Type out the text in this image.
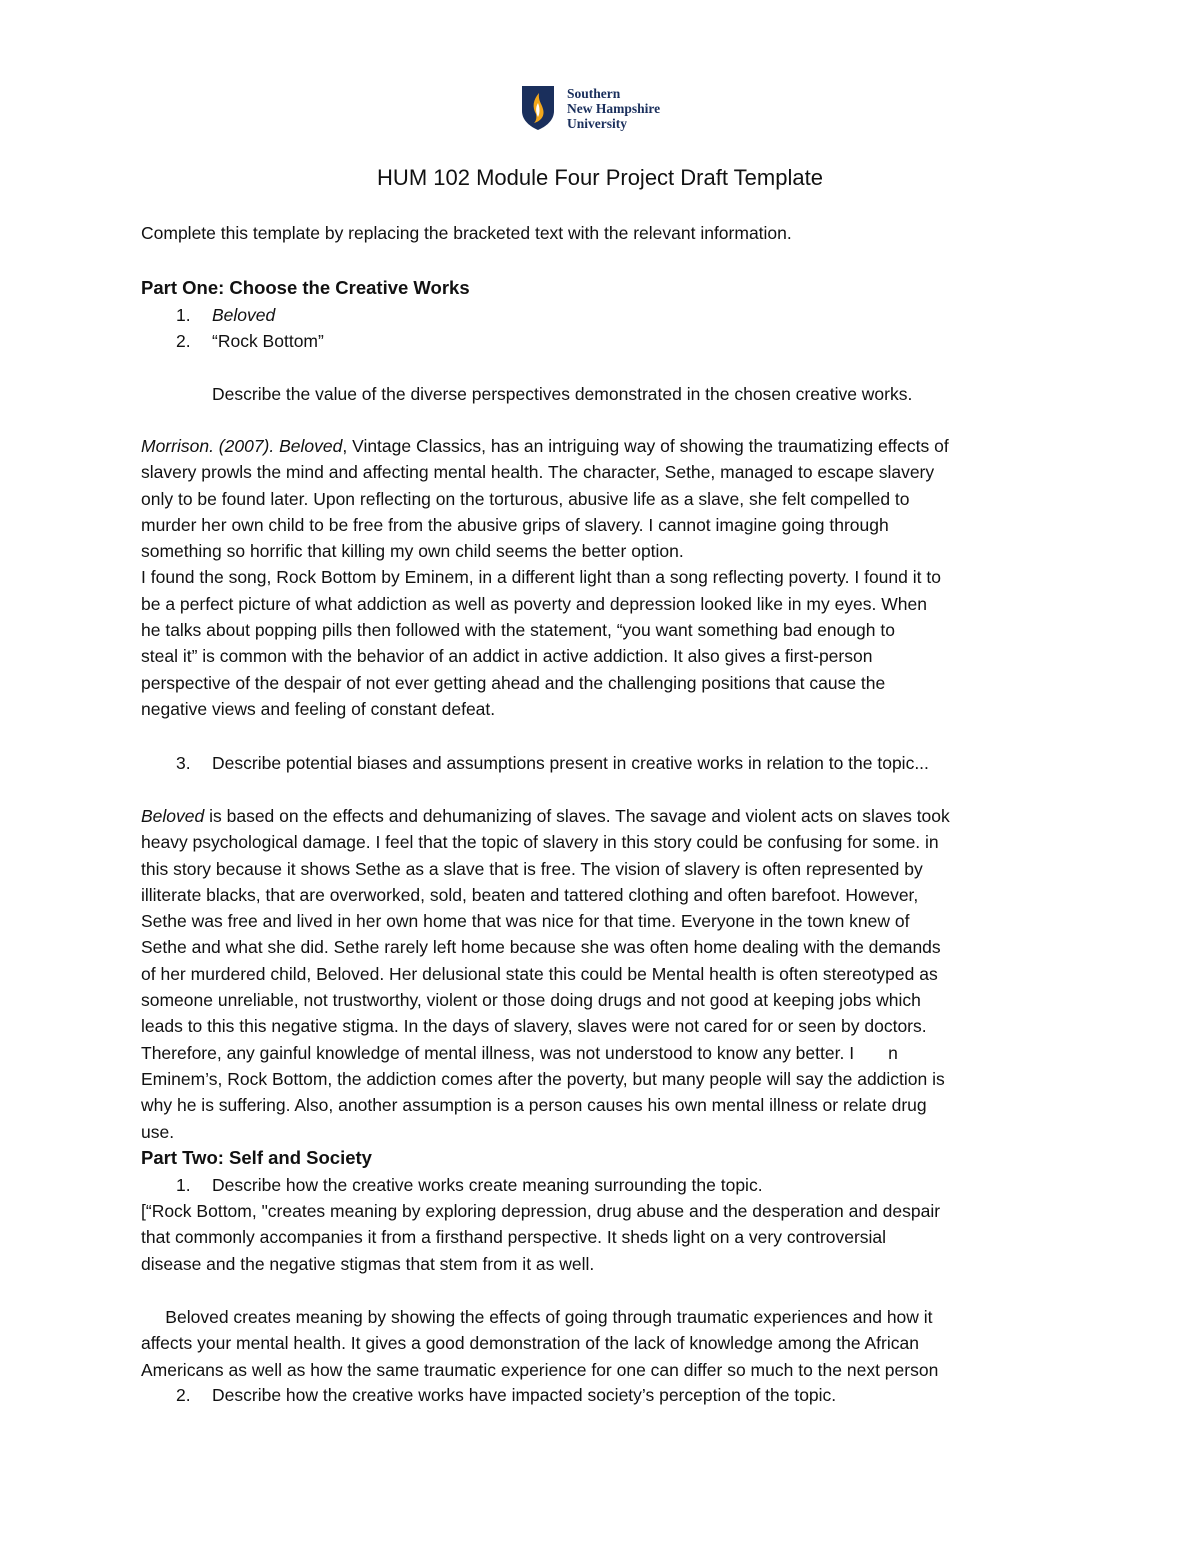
Southern
New Hampshire
University
HUM 102 Module Four Project Draft Template
Complete this template by replacing the bracketed text with the relevant information.
Part One: Choose the Creative Works
1. Beloved
2. “Rock Bottom”
Describe the value of the diverse perspectives demonstrated in the chosen creative works.
Morrison. (2007). Beloved, Vintage Classics, has an intriguing way of showing the traumatizing effects of
slavery prowls the mind and affecting mental health. The character, Sethe, managed to escape slavery
only to be found later. Upon reflecting on the torturous, abusive life as a slave, she felt compelled to
murder her own child to be free from the abusive grips of slavery. I cannot imagine going through
something so horrific that killing my own child seems the better option.
I found the song, Rock Bottom by Eminem, in a different light than a song reflecting poverty. I found it to
be a perfect picture of what addiction as well as poverty and depression looked like in my eyes. When
he talks about popping pills then followed with the statement, “you want something bad enough to
steal it” is common with the behavior of an addict in active addiction. It also gives a first-person
perspective of the despair of not ever getting ahead and the challenging positions that cause the
negative views and feeling of constant defeat.
3. Describe potential biases and assumptions present in creative works in relation to the topic...
Beloved is based on the effects and dehumanizing of slaves. The savage and violent acts on slaves took
heavy psychological damage. I feel that the topic of slavery in this story could be confusing for some. in
this story because it shows Sethe as a slave that is free. The vision of slavery is often represented by
illiterate blacks, that are overworked, sold, beaten and tattered clothing and often barefoot. However,
Sethe was free and lived in her own home that was nice for that time. Everyone in the town knew of
Sethe and what she did. Sethe rarely left home because she was often home dealing with the demands
of her murdered child, Beloved. Her delusional state this could be Mental health is often stereotyped as
someone unreliable, not trustworthy, violent or those doing drugs and not good at keeping jobs which
leads to this this negative stigma. In the days of slavery, slaves were not cared for or seen by doctors.
Therefore, any gainful knowledge of mental illness, was not understood to know any better. I       n
Eminem’s, Rock Bottom, the addiction comes after the poverty, but many people will say the addiction is
why he is suffering. Also, another assumption is a person causes his own mental illness or relate drug
use.
Part Two: Self and Society
1. Describe how the creative works create meaning surrounding the topic.
[“Rock Bottom, "creates meaning by exploring depression, drug abuse and the desperation and despair
that commonly accompanies it from a firsthand perspective. It sheds light on a very controversial
disease and the negative stigmas that stem from it as well.
Beloved creates meaning by showing the effects of going through traumatic experiences and how it
affects your mental health. It gives a good demonstration of the lack of knowledge among the African
Americans as well as how the same traumatic experience for one can differ so much to the next person
2. Describe how the creative works have impacted society’s perception of the topic.
